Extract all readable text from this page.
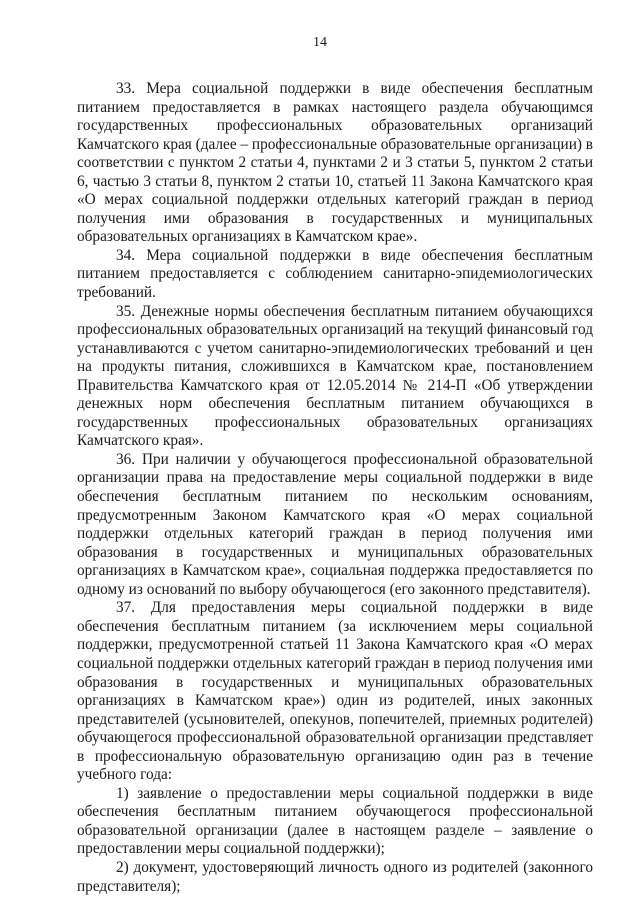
14

33. Мера социальной поддержки в виде обеспечения бесплатным питанием предоставляется в рамках настоящего раздела обучающимся государственных профессиональных образовательных организаций Камчатского края (далее – профессиональные образовательные организации) в соответствии с пунктом 2 статьи 4, пунктами 2 и 3 статьи 5, пунктом 2 статьи 6, частью 3 статьи 8, пунктом 2 статьи 10, статьей 11 Закона Камчатского края «О мерах социальной поддержки отдельных категорий граждан в период получения ими образования в государственных и муниципальных образовательных организациях в Камчатском крае».

34. Мера социальной поддержки в виде обеспечения бесплатным питанием предоставляется с соблюдением санитарно-эпидемиологических требований.

35. Денежные нормы обеспечения бесплатным питанием обучающихся профессиональных образовательных организаций на текущий финансовый год устанавливаются с учетом санитарно-эпидемиологических требований и цен на продукты питания, сложившихся в Камчатском крае, постановлением Правительства Камчатского края от 12.05.2014 № 214-П «Об утверждении денежных норм обеспечения бесплатным питанием обучающихся в государственных профессиональных образовательных организациях Камчатского края».

36. При наличии у обучающегося профессиональной образовательной организации права на предоставление меры социальной поддержки в виде обеспечения бесплатным питанием по нескольким основаниям, предусмотренным Законом Камчатского края «О мерах социальной поддержки отдельных категорий граждан в период получения ими образования в государственных и муниципальных образовательных организациях в Камчатском крае», социальная поддержка предоставляется по одному из оснований по выбору обучающегося (его законного представителя).

37. Для предоставления меры социальной поддержки в виде обеспечения бесплатным питанием (за исключением меры социальной поддержки, предусмотренной статьей 11 Закона Камчатского края «О мерах социальной поддержки отдельных категорий граждан в период получения ими образования в государственных и муниципальных образовательных организациях в Камчатском крае») один из родителей, иных законных представителей (усыновителей, опекунов, попечителей, приемных родителей) обучающегося профессиональной образовательной организации представляет в профессиональную образовательную организацию один раз в течение учебного года:

1) заявление о предоставлении меры социальной поддержки в виде обеспечения бесплатным питанием обучающегося профессиональной образовательной организации (далее в настоящем разделе – заявление о предоставлении меры социальной поддержки);

2) документ, удостоверяющий личность одного из родителей (законного представителя);
